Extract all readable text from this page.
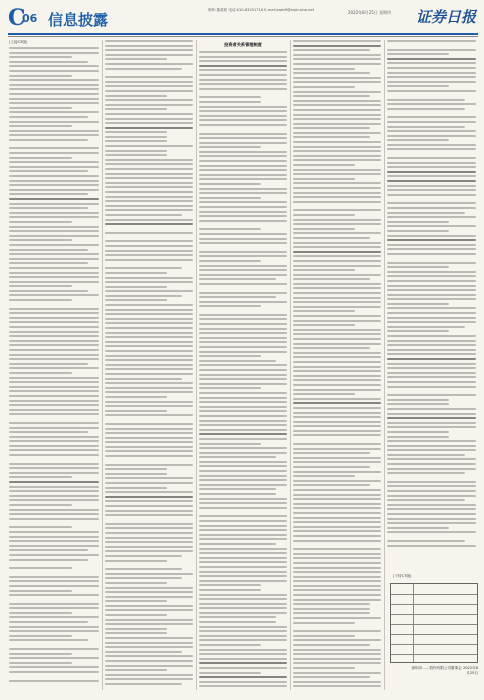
C
06 信息披露
制作:董莉莉 电话:010-83251716 E-mail:zqrb9@zqrb.sina.net	2022年8月25日 星期四 证券日报
(上接C5版)	投资者关系管理制度
(下转C7版)
深圳市……股份有限公司董事会 2022年8月25日
